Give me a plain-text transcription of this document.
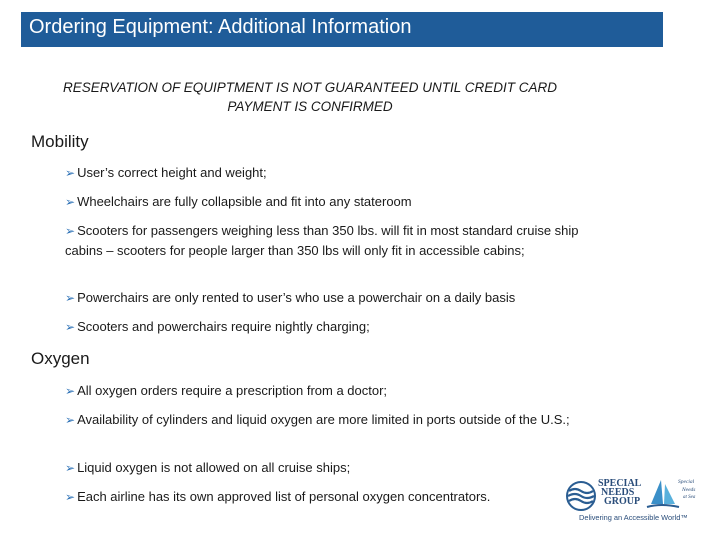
Ordering Equipment: Additional Information
RESERVATION OF EQUIPTMENT IS NOT GUARANTEED UNTIL CREDIT CARD PAYMENT IS CONFIRMED
Mobility
➢ User’s correct height and weight;
➢ Wheelchairs are fully collapsible and fit into any stateroom
➢ Scooters for passengers weighing less than 350 lbs. will fit in most standard cruise ship cabins – scooters for people larger than 350 lbs will only fit in accessible cabins;
➢ Powerchairs are only rented to user’s who use a powerchair on a daily basis
➢ Scooters and powerchairs require nightly charging;
Oxygen
➢ All oxygen orders require a prescription from a doctor;
➢ Availability of cylinders and liquid oxygen are more limited in ports outside of the U.S.;
➢ Liquid oxygen is not allowed on all cruise ships;
➢ Each airline has its own approved list of personal oxygen concentrators.
SPECIAL
NEEDS
GROUP
Special
Needs
at Sea
Delivering an Accessible World™
